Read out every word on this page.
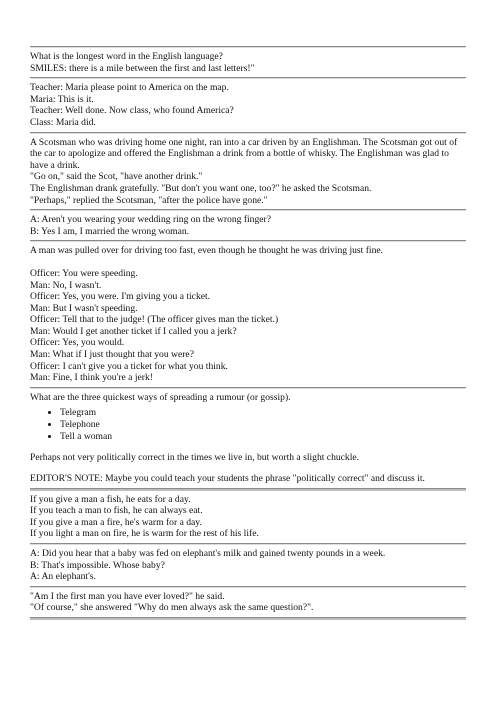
What is the longest word in the English language?
SMILES: there is a mile between the first and last letters!"
Teacher: Maria please point to America on the map.
Maria: This is it.
Teacher: Well done. Now class, who found America?
Class: Maria did.
A Scotsman who was driving home one night, ran into a car driven by an Englishman. The Scotsman got out of the car to apologize and offered the Englishman a drink from a bottle of whisky. The Englishman was glad to have a drink.
"Go on," said the Scot, "have another drink."
The Englishman drank gratefully. "But don't you want one, too?" he asked the Scotsman.
"Perhaps," replied the Scotsman, "after the police have gone."
A: Aren't you wearing your wedding ring on the wrong finger?
B: Yes I am, I married the wrong woman.
A man was pulled over for driving too fast, even though he thought he was driving just fine.
Officer: You were speeding.
Man: No, I wasn't.
Officer: Yes, you were. I'm giving you a ticket.
Man: But I wasn't speeding.
Officer: Tell that to the judge! (The officer gives man the ticket.)
Man: Would I get another ticket if I called you a jerk?
Officer: Yes, you would.
Man: What if I just thought that you were?
Officer: I can't give you a ticket for what you think.
Man: Fine, I think you're a jerk!
What are the three quickest ways of spreading a rumour (or gossip).
• Telegram
• Telephone
• Tell a woman
Perhaps not very politically correct in the times we live in, but worth a slight chuckle.
EDITOR'S NOTE: Maybe you could teach your students the phrase "politically correct" and discuss it.
If you give a man a fish, he eats for a day.
If you teach a man to fish, he can always eat.
If you give a man a fire, he's warm for a day.
If you light a man on fire, he is warm for the rest of his life.
A: Did you hear that a baby was fed on elephant's milk and gained twenty pounds in a week.
B: That's impossible. Whose baby?
A: An elephant's.
"Am I the first man you have ever loved?" he said.
"Of course," she answered "Why do men always ask the same question?".
